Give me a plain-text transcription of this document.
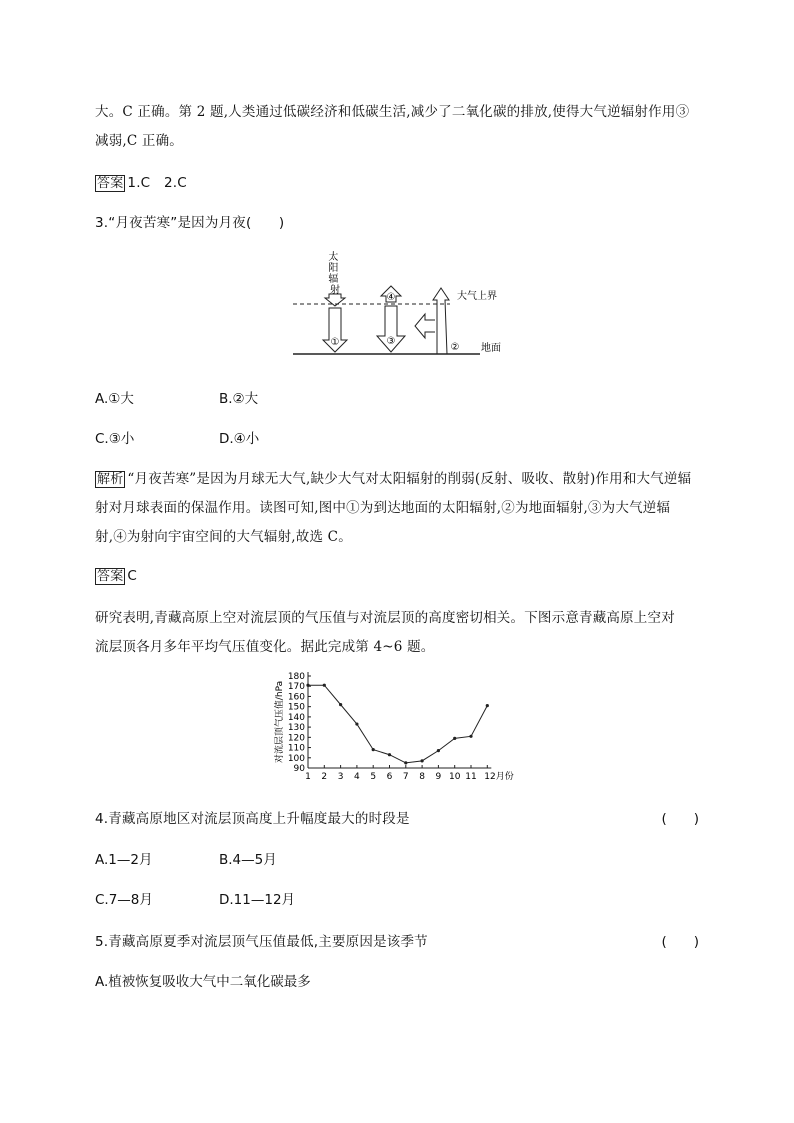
大。C 正确。第 2 题,人类通过低碳经济和低碳生活,减少了二氧化碳的排放,使得大气逆辐射作用③
减弱,C 正确。
答案 1.C　2.C
3.“月夜苦寒”是因为月夜(　　)
太 阳 辐 射
①
④
③
②
大气上界
地面
A.①大	B.②大
C.③小	D.④小
解析 “月夜苦寒”是因为月球无大气,缺少大气对太阳辐射的削弱(反射、吸收、散射)作用和大气逆辐
射对月球表面的保温作用。读图可知,图中①为到达地面的太阳辐射,②为地面辐射,③为大气逆辐
射,④为射向宇宙空间的大气辐射,故选 C。
答案 C
研究表明,青藏高原上空对流层顶的气压值与对流层顶的高度密切相关。下图示意青藏高原上空对
流层顶各月多年平均气压值变化。据此完成第 4~6 题。
90
100
110
120
130
140
150
160
170
180
1 2 3 4 5 6 7 8 9 10 11 12月份
对流层顶气压值/hPa
4.青藏高原地区对流层顶高度上升幅度最大的时段是	(　　)
A.1—2月	B.4—5月
C.7—8月	D.11—12月
5.青藏高原夏季对流层顶气压值最低,主要原因是该季节	(　　)
A.植被恢复吸收大气中二氧化碳最多
